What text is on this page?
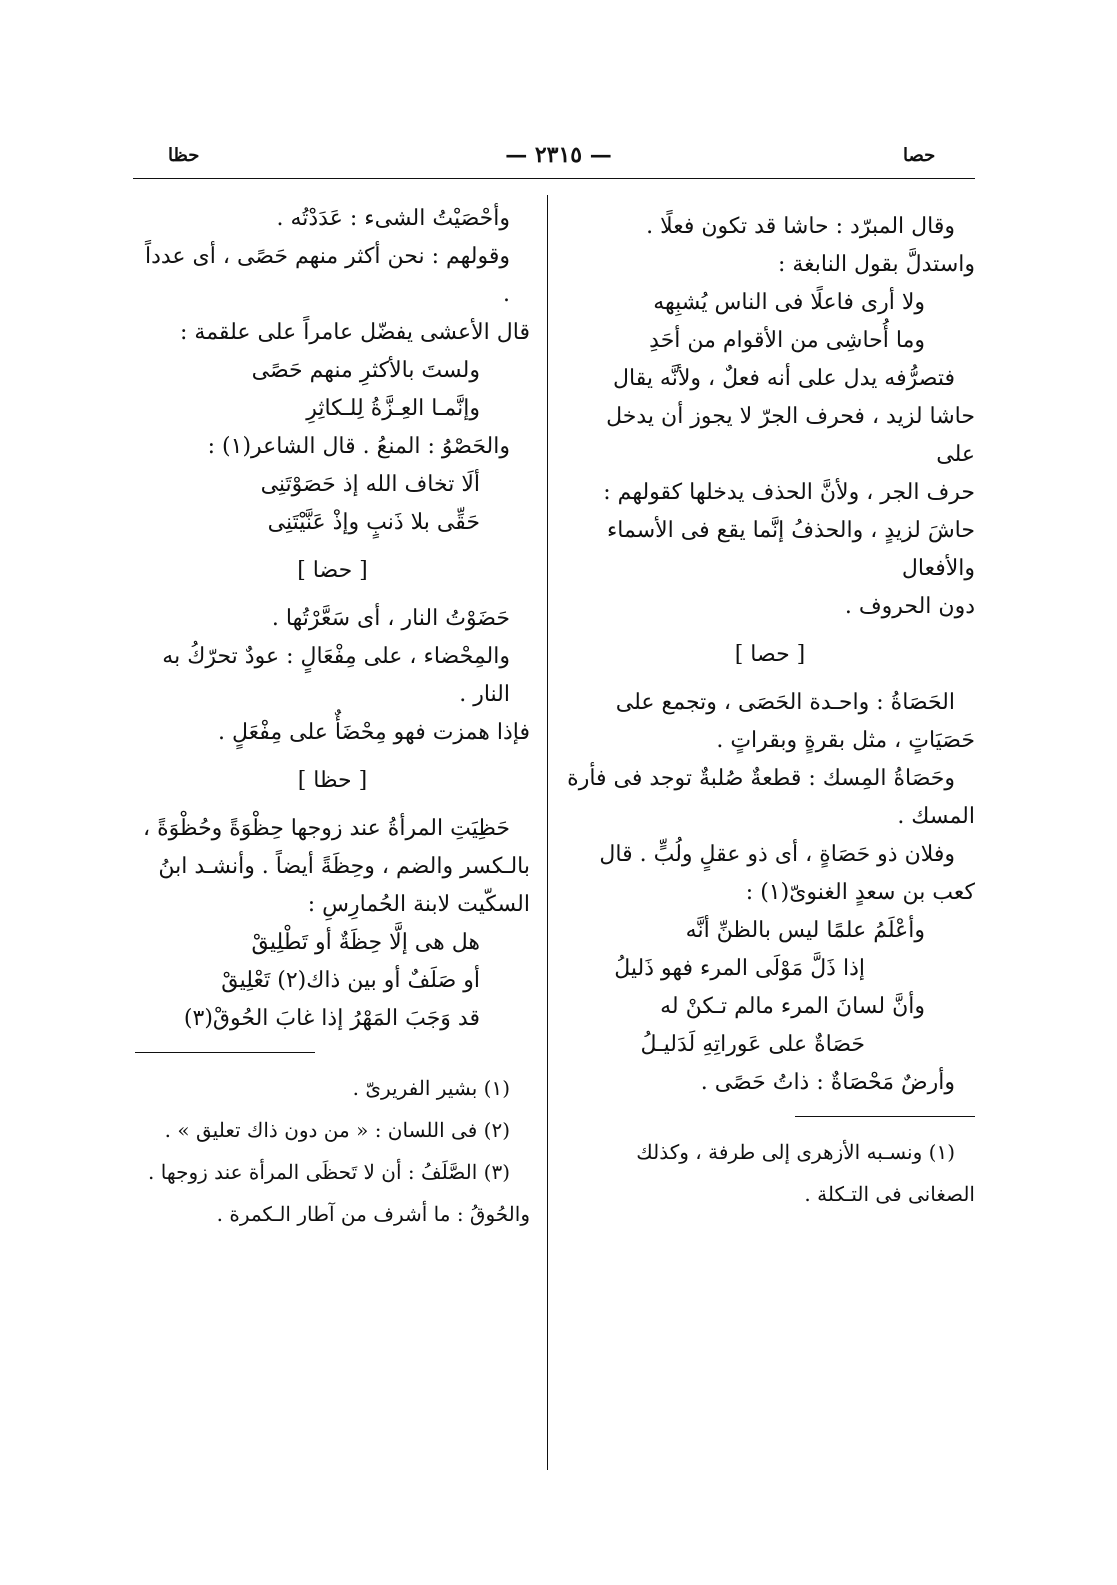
حظا	— ٢٣١٥ —	حصا

وقال المبرّد : حاشا قد تكون فعلًا .

واستدلَّ بقول النابغة :

ولا أرى فاعلًا فى الناس يُشبِهه

وما أُحاشِى من الأقوام من أحَدِ

فتصرُّفه يدل على أنه فعلٌ ، ولأنَّه يقال

حاشا لزيد ، فحرف الجرّ لا يجوز أن يدخل على

حرف الجر ، ولأنَّ الحذف يدخلها كقولهم :

حاشَ لزيدٍ ، والحذفُ إنَّما يقع فى الأسماء والأفعال

دون الحروف .

[ حصا ]

الحَصَاةُ : واحـدة الحَصَى ، وتجمع على

حَصَيَاتٍ ، مثل بقرةٍ وبقراتٍ .

وحَصَاةُ المِسك : قطعةٌ صُلبةٌ توجد فى فأرة

المسك .

وفلان ذو حَصَاةٍ ، أى ذو عقلٍ ولُبٍّ . قال

كعب بن سعدٍ الغنوىّ(١) :

وأعْلَمُ علمًا ليس بالظنِّ أنَّه

إذا ذَلَّ مَوْلَى المرء فهو ذَليلُ

وأنَّ لسانَ المرء مالم تـكنْ له

حَصَاةٌ على عَوراتِهِ لَدَليـلُ

وأرضٌ مَحْصَاةٌ : ذاتُ حَصًى .

(١) ونسـبه الأزهرى إلى طرفة ، وكذلك

الصغانى فى التـكلة .

وأحْصَيْتُ الشىء : عَدَدْتُه .

وقولهم : نحن أكثر منهم حَصًى ، أى عدداً .

قال الأعشى يفضّل عامراً على علقمة :

ولستَ بالأكثرِ منهم حَصًى

وإنَّمـا العِـزَّةُ لِلـكاثِرِ

والحَصْوُ : المنعُ . قال الشاعر(١) :

ألَا تخاف الله إذ حَصَوْتَنِى

حَقِّى بلا ذَنبٍ وإذْ عَنَّيْتَنِى

[ حضا ]

حَضَوْتُ النار ، أى سَعَّرْتُها .

والمِحْضاء ، على مِفْعَالٍ : عودٌ تحرّكُ به النار .

فإذا همزت فهو مِحْضَأٌ على مِفْعَلٍ .

[ حظا ]

حَظِيَتِ المرأةُ عند زوجها حِظْوَةً وحُظْوَةً ،

بالـكسر والضم ، وحِظَةً أيضاً . وأنشـد ابنُ

السكّيت لابنة الحُمارِسِ :

هل هى إلَّا حِظَةٌ أو تَطْلِيقْ

أو صَلَفٌ أو بين ذاك(٢) تَعْلِيقْ

قد وَجَبَ المَهْرُ إذا غابَ الحُوقْ(٣)

(١) بشير الفريرىّ .

(٢) فى اللسان : « من دون ذاك تعليق » .

(٣) الصَّلَفُ : أن لا تَحظَى المرأة عند زوجها .

والحُوقُ : ما أشرف من آطار الـكمرة .
